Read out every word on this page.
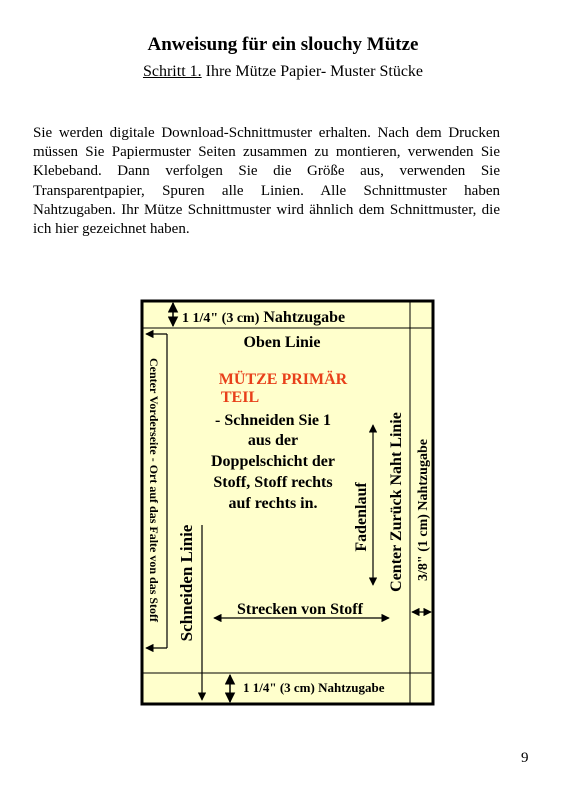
Anweisung für ein slouchy Mütze
Schritt 1. Ihre Mütze Papier- Muster Stücke
Sie werden digitale Download-Schnittmuster erhalten. Nach dem Drucken müssen Sie Papiermuster Seiten zusammen zu montieren, verwenden Sie Klebeband. Dann verfolgen Sie die Größe aus, verwenden Sie Transparentpapier, Spuren alle Linien. Alle Schnittmuster haben Nahtzugaben. Ihr Mütze Schnittmuster wird ähnlich dem Schnittmuster, die ich hier gezeichnet haben.
1 1/4" (3 cm) Nahtzugabe
Oben Linie
MÜTZE PRIMÄR
TEIL
- Schneiden Sie 1
aus der
Doppelschicht der
Stoff, Stoff rechts
auf rechts in.
Center Vorderseite - Ort auf das Falte von das Stoff Schneiden Linie
Fadenlauf Center Zurück Naht Linie 3/8" (1 cm) Nahtzugabe
Strecken von Stoff
1 1/4" (3 cm) Nahtzugabe
9
